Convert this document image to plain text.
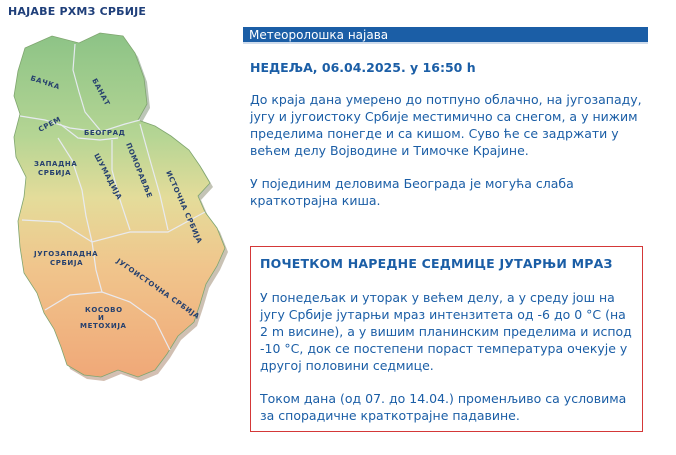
НАЈАВЕ РХМЗ СРБИЈЕ
БАЧКА	БАНАТ
СРЕМ	БЕОГРАД
ЗАПАДНА
СРБИЈА	ШУМАДИЈА ПОМОРАВЉЕ ИСТОЧНА СРБИЈА
ЈУГОЗАПАДНА
СРБИЈА	ЈУГОИСТОЧНА СРБИЈА
КОСОВО
И
МЕТОХИЈА
Метеоролошка најава
НЕДЕЉА, 06.04.2025. у 16:50 h
До краја дана умерено до потпуно облачно, на југозападу, југу и југоистоку Србије местимично са снегом, а у нижим пределима понегде и са кишом. Суво ће се задржати у већем делу Војводине и Тимочке Крајине.
У појединим деловима Београда је могућа слаба краткотрајна киша.
ПОЧЕТКОМ НАРЕДНЕ СЕДМИЦЕ ЈУТАРЊИ МРАЗ
У понедељак и уторак у већем делу, а у среду још на југу Србије јутарњи мраз интензитета од -6 до 0 °C (на 2 m висине), а у вишим планинским пределима и испод -10 °C, док се постепени пораст температура очекује у другој половини седмице.
Током дана (од 07. до 14.04.) променљиво са условима за спорадичне краткотрајне падавине.
